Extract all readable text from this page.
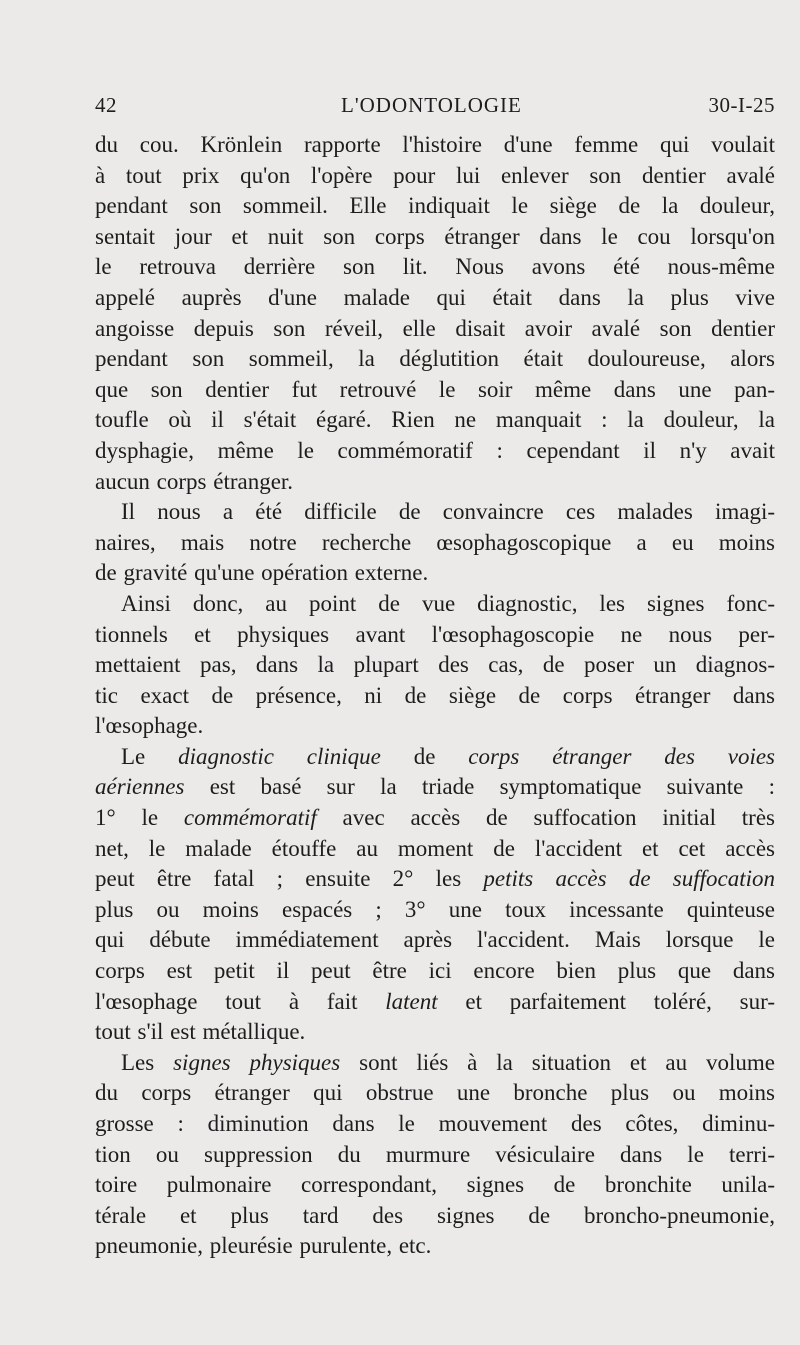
42	L'ODONTOLOGIE	30-I-25
du cou. Krönlein rapporte l'histoire d'une femme qui voulait
à tout prix qu'on l'opère pour lui enlever son dentier avalé
pendant son sommeil. Elle indiquait le siège de la douleur,
sentait jour et nuit son corps étranger dans le cou lorsqu'on
le retrouva derrière son lit. Nous avons été nous-même
appelé auprès d'une malade qui était dans la plus vive
angoisse depuis son réveil, elle disait avoir avalé son dentier
pendant son sommeil, la déglutition était douloureuse, alors
que son dentier fut retrouvé le soir même dans une pan-
toufle où il s'était égaré. Rien ne manquait : la douleur, la
dysphagie, même le commémoratif : cependant il n'y avait
aucun corps étranger.
Il nous a été difficile de convaincre ces malades imagi-
naires, mais notre recherche œsophagoscopique a eu moins
de gravité qu'une opération externe.
Ainsi donc, au point de vue diagnostic, les signes fonc-
tionnels et physiques avant l'œsophagoscopie ne nous per-
mettaient pas, dans la plupart des cas, de poser un diagnos-
tic exact de présence, ni de siège de corps étranger dans
l'œsophage.
Le diagnostic clinique de corps étranger des voies
aériennes est basé sur la triade symptomatique suivante :
1° le commémoratif avec accès de suffocation initial très
net, le malade étouffe au moment de l'accident et cet accès
peut être fatal ; ensuite 2° les petits accès de suffocation
plus ou moins espacés ; 3° une toux incessante quinteuse
qui débute immédiatement après l'accident. Mais lorsque le
corps est petit il peut être ici encore bien plus que dans
l'œsophage tout à fait latent et parfaitement toléré, sur-
tout s'il est métallique.
Les signes physiques sont liés à la situation et au volume
du corps étranger qui obstrue une bronche plus ou moins
grosse : diminution dans le mouvement des côtes, diminu-
tion ou suppression du murmure vésiculaire dans le terri-
toire pulmonaire correspondant, signes de bronchite unila-
térale et plus tard des signes de broncho-pneumonie,
pneumonie, pleurésie purulente, etc.
